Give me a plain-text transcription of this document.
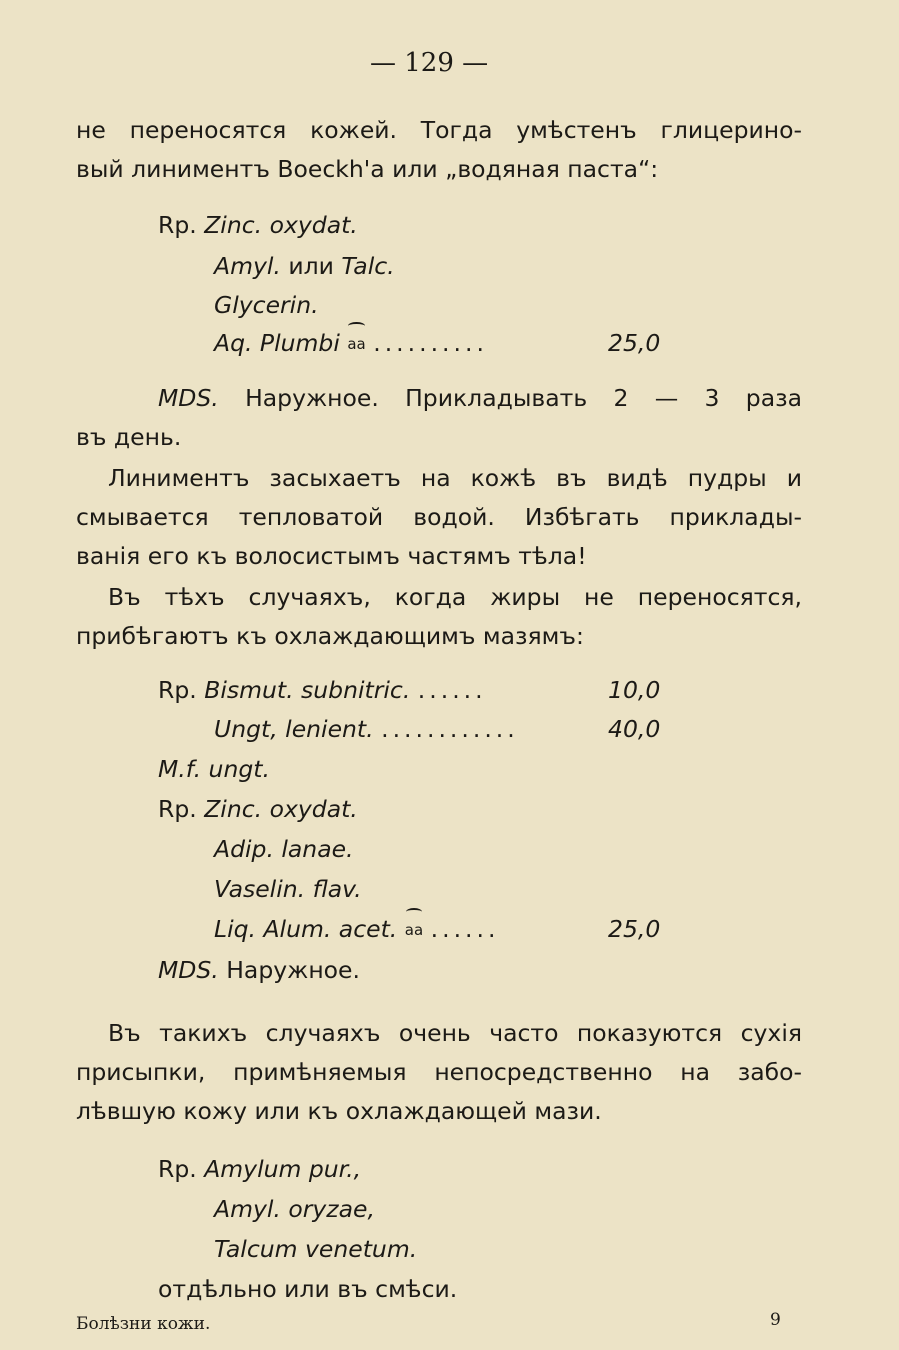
— 129 —
не переносятся кожей. Тогда умѣстенъ глицерино-
вый линиментъ Boeckh'а или „водяная паста“:
Rp. Zinc. oxydat.
Amyl. или Talc.
Glycerin.
Aq. Plumbi aa ..........	25,0
MDS. Наружное. Прикладывать 2 — 3 раза
въ день.
Линиментъ засыхаетъ на кожѣ въ видѣ пудры и
смывается тепловатой водой. Избѣгать приклады-
ванія его къ волосистымъ частямъ тѣла!
Въ тѣхъ случаяхъ, когда жиры не переносятся,
прибѣгаютъ къ охлаждающимъ мазямъ:
Rp. Bismut. subnitric. ......	10,0
Ungt, lenient. ............	40,0
M.f. ungt.
Rp. Zinc. oxydat.
Adip. lanae.
Vaselin. flav.
Liq. Alum. acet. aa ......	25,0
MDS. Наружное.
Въ такихъ случаяхъ очень часто показуются сухія
присыпки, примѣняемыя непосредственно на забо-
лѣвшую кожу или къ охлаждающей мази.
Rp. Amylum pur.,
Amyl. oryzae,
Talcum venetum.
отдѣльно или въ смѣси.
Болѣзни кожи.	9
